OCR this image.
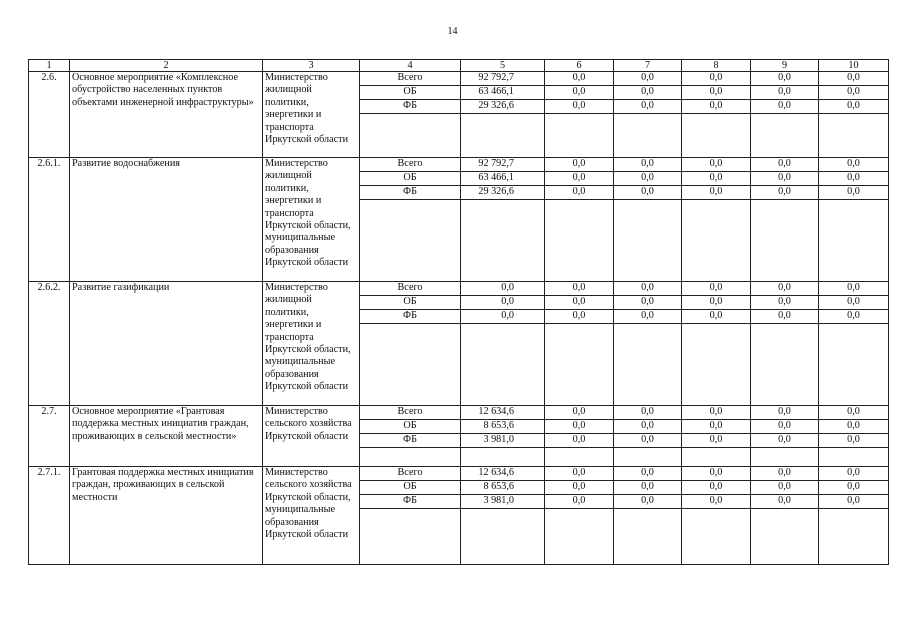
14
1	2	3	4	5	6	7	8	9	10
2.6.	Основное мероприятие «Комплексное обустройство населенных пунктов объектами инженерной инфраструктуры»	Министерство жилищной политики, энергетики и транспорта Иркутской области	Всего	92 792,7	0,0	0,0	0,0	0,0	0,0
			ОБ	63 466,1	0,0	0,0	0,0	0,0	0,0
			ФБ	29 326,6	0,0	0,0	0,0	0,0	0,0

2.6.1.	Развитие водоснабжения	Министерство жилищной политики, энергетики и транспорта Иркутской области, муниципальные образования Иркутской области	Всего	92 792,7	0,0	0,0	0,0	0,0	0,0
			ОБ	63 466,1	0,0	0,0	0,0	0,0	0,0
			ФБ	29 326,6	0,0	0,0	0,0	0,0	0,0

2.6.2.	Развитие газификации	Министерство жилищной политики, энергетики и транспорта Иркутской области, муниципальные образования Иркутской области	Всего	0,0	0,0	0,0	0,0	0,0	0,0
			ОБ	0,0	0,0	0,0	0,0	0,0	0,0
			ФБ	0,0	0,0	0,0	0,0	0,0	0,0

2.7.	Основное мероприятие «Грантовая поддержка местных инициатив граждан, проживающих в сельской местности»	Министерство сельского хозяйства Иркутской области	Всего	12 634,6	0,0	0,0	0,0	0,0	0,0
			ОБ	8 653,6	0,0	0,0	0,0	0,0	0,0
			ФБ	3 981,0	0,0	0,0	0,0	0,0	0,0

2.7.1.	Грантовая поддержка местных инициатив граждан, проживающих в сельской местности	Министерство сельского хозяйства Иркутской области, муниципальные образования Иркутской области	Всего	12 634,6	0,0	0,0	0,0	0,0	0,0
			ОБ	8 653,6	0,0	0,0	0,0	0,0	0,0
			ФБ	3 981,0	0,0	0,0	0,0	0,0	0,0
